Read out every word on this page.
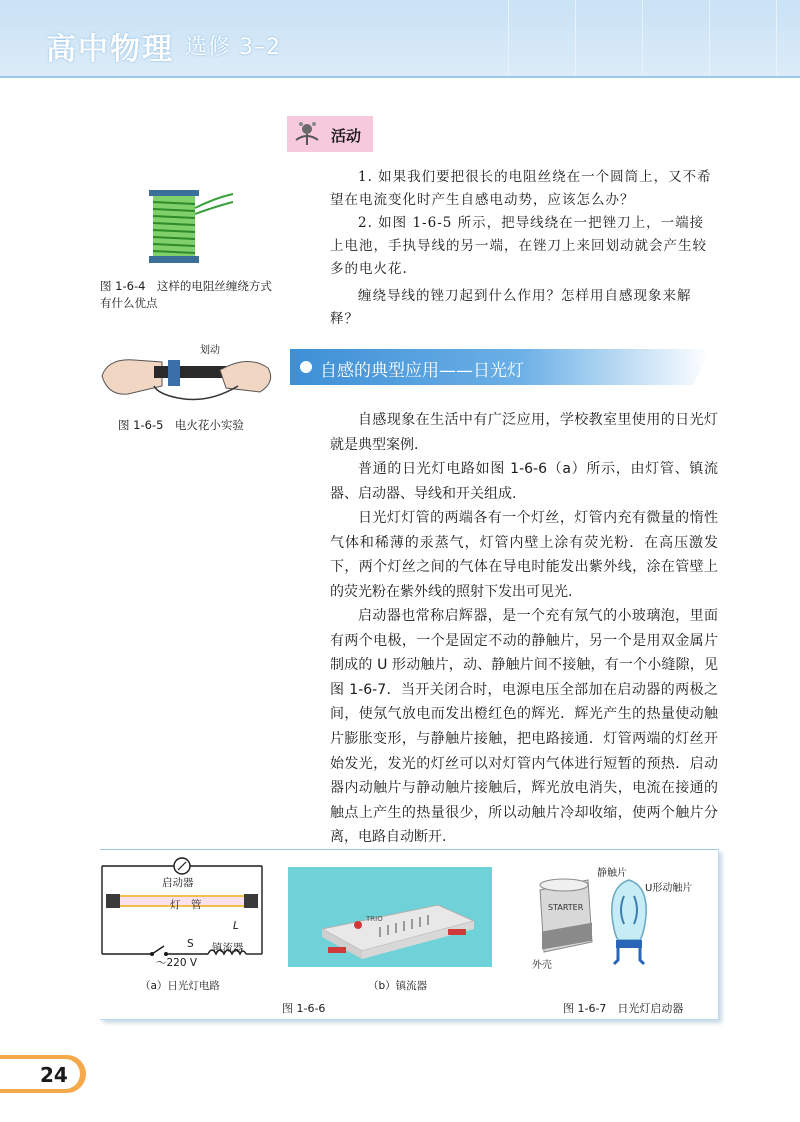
高中物理 选修 3–2
活动

1. 如果我们要把很长的电阻丝绕在一个圆筒上，又不希望在电流变化时产生自感电动势，应该怎么办？

2. 如图 1-6-5 所示，把导线绕在一把锉刀上，一端接上电池，手执导线的另一端，在锉刀上来回划动就会产生较多的电火花.

缠绕导线的锉刀起到什么作用？怎样用自感现象来解释？

图 1-6-4　这样的电阻丝缠绕方式
有什么优点
划动
图 1-6-5　电火花小实验
自感的典型应用——日光灯

自感现象在生活中有广泛应用，学校教室里使用的日光灯就是典型案例.

普通的日光灯电路如图 1-6-6（a）所示，由灯管、镇流器、启动器、导线和开关组成.

日光灯灯管的两端各有一个灯丝，灯管内充有微量的惰性气体和稀薄的汞蒸气，灯管内壁上涂有荧光粉．在高压激发下，两个灯丝之间的气体在导电时能发出紫外线，涂在管壁上的荧光粉在紫外线的照射下发出可见光.

启动器也常称启辉器，是一个充有氖气的小玻璃泡，里面有两个电极，一个是固定不动的静触片，另一个是用双金属片制成的 U 形动触片，动、静触片间不接触，有一个小缝隙，见图 1-6-7．当开关闭合时，电源电压全部加在启动器的两极之间，使氖气放电而发出橙红色的辉光．辉光产生的热量使动触片膨胀变形，与静触片接触，把电路接通．灯管两端的灯丝开始发光，发光的灯丝可以对灯管内气体进行短暂的预热．启动器内动触片与静动触片接触后，辉光放电消失，电流在接通的触点上产生的热量很少，所以动触片冷却收缩，使两个触片分离，电路自动断开.

启动器
灯　管
L
S 镇流器
～220 V
（a）日光灯电路
TRIO
（b）镇流器
图 1-6-6
STARTER
静触片
U形动触片
外壳
图 1-6-7　日光灯启动器
24
